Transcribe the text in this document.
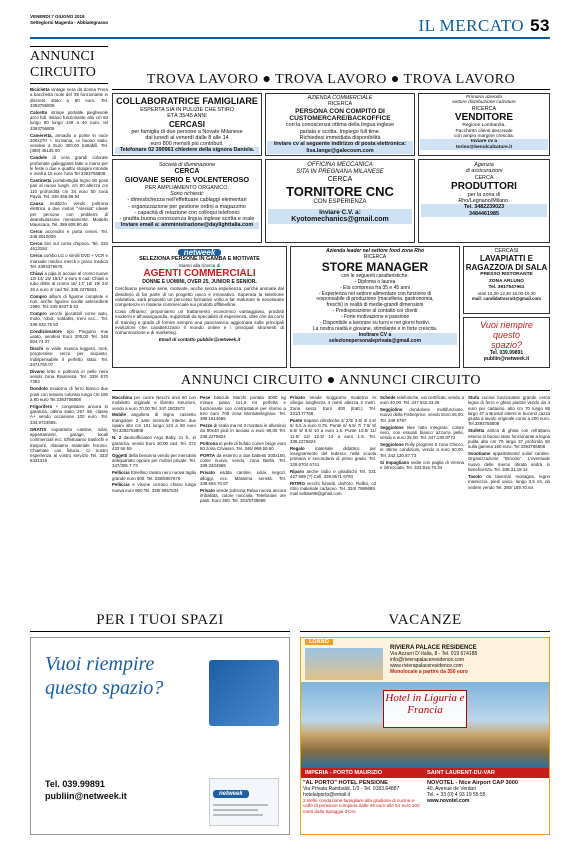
VENERDÌ 7 GIUGNO 2019
Settegiorni Magenta - Abbiategrasso	IL MERCATO 53
ANNUNCI
CIRCUITO

Bicicletta vintage nera da donna Frera a bacchetta ruote del '39 funzionante in discreto stato a 80 euro. Tel. 3393756808

Calcetto stringe portatile pieghevole arco hdl. milano funzionante alto cm 83 lungo 80 lungo 148 a 40 euro. tel 3393756808

Cameretta, armadio a ponte in noce 306x270 + scrivania, ui buono stato, vendesi a Euro 300,00 trattabili. Tel. (388) 45135 00

Candele di cera grandi colorate profumate galleggianti fatte a mano per le feste o due e quattro stoppini rotonde e ovali a 15 euro l'una Tel 3393756808

Cantinetta portabottiglia legno 80 posti pari al nuovo lungh. cm 80 altezza cm 110 profondità cm 34 euro 50 zona Pavia. Tel. 349 455.86.94

Causa inutilizzo vendo poltrona elettrica a due motori "Alessia" ideale per persone con problemi di deambulazione mentamente. Modello Mauscara. Tel. 389 608.80.46

Cerco accendini e porta ceneri. Tel. 348 6910029

Cerco bici sul corsa d'epoca. Tel. 333 4613184

Cerco combo LG o similii DVD + VCR e manuale medico merck e praco medica Tel. 3394376676

Chiavi a pipa in acciaio al cromo nuove 12/ 14/ 15/ 16/17 a euro 6 cad. Chiavi a tubo dritte al cromo 16/ 17/ 18/ 19/ 24/ 26 a euro 4/ cad Tel. 338 2275824.

Compro album di figurine complete e non, anche figurine sciolte antecedenti 1980. Tel. 339 8337.5 53

Compro vecchi giocattoli come auto, moto, robot, soldatini, treni ecc... Tel. 339 833.75 53

Condizionatore tipo Pinguino mai usato, vendesi Euro 200,00 Tel. 348 804 74 37

Dischi in vinile musica leggera, rock, progressive cerco per acquisto. Indispensabile il perfetto stato. Tel. 3471750.07

Divano letto e poltrona in pelle nera vendo zona Rivarossa. Tel. 339/ 570 7394

Dondolo moderno di ferro bianco due posti con tessuto colorato lungo cm 180 a 80 euro Tel.3393756808

Frigorifero + congelatore ancora in garanzia, ottimo stato, 257 litri, classe A+ vendo occasione 100 euro. Tel. 334.9724665.

GRATIS soprattutto cantine, solai, appartamenti, garage, locali commerciali ecc. Effettuiamo traslochi e trasporti, rilasiamo materiale ferroso. Chiamate con fiducia. Ci nostro esperienza al vostro servizio Tel. 333/ 8431316

TROVA LAVORO ● TROVA LAVORO ● TROVA LAVORO
COLLABORATRICE FAMIGLIARE
ESPERTA SIA IN PULIZIE CHE STIRO
ETÀ 35/45 ANNI
CERCASI
per famiglia di due persone a Novate Milanese
dal lunedì al venerdì dalle 8 alle 14
euro 800 mensili più contributi.
Telefonare 02 390961 chiedere della signora Daniela.
AZIENDA COMMERCIALE
RICERCA
PERSONA CON COMPITO DI CUSTOMERCARE/BACKOFFICE
con la conoscenza ottima della lingua inglese
parlata e scritta. Impiego full time.
Richiedesi immediata disponibilità
Inviare cv al seguente indirizzo di posta elettronica:
lisa.lange@galecosm.com
Primaria azienda
settore distribuzione calzature
RICERCA
VENDITORE
Regione Lombardia.
Pacchetto clienti descreale
con ampio margine crescita.
Inviare cv a
torino@benulcalzature.it
Società di illuminazione
CERCA
GIOVANE SERIO E VOLENTEROSO
PER AMPLIAMENTO ORGANICO.
Sono richiesti:
- dimestichezza nell'effettuare cablaggi elementari
- organizzazione per gestione ordini a magazzino
- capacità di relazione con colloqui telefonici
- gradita buona conoscenza lingua inglese scritta e orale
Inviare email a: amministrazione@daylighttalia.com
OFFICINA MECCANICA
SITA IN PREGNANA MILANESE
CERCA
TORNITORE CNC
CON ESPERIENZA
Inviare C.V. a:
Kyotomechanics@gmail.com
Agenzia
di assicurazioni
CERCA
PRODUTTORI
per la zona di
Rho/Legnano/Milano.
Tel. 3482239023
3484461985
netweek
SELEZIONA PERSONE IN GAMBA E MOTIVATE
Siamo alla ricerca di
AGENTI COMMERCIALI
DONNE E UOMINI, OVER 25, JUNIOR E SENIOR.
Cerchiamo persone serie, motivate, anche senza esperienza, purché animate dal desiderio di far parte di un progetto unico e innovativo. Superata la selezione valutativa, sarà proposto un percorso formativo volto a far maturare le necessarie competenze in materia commerciale sui prodotti offlline/line.
Cosa offriamo: proponiamo un trattamento economico vantaggioso, prodotti moderni e all'avanguardia, supportati da specialisti di esperienza, oltre che da corsi di training e grado di fornire sempre una panoramica aggiornata sulle principali evoluzioni che caratterizzano il mondo online e i principali strumenti di comunicazione e di marketing.
Email di contatto pubblin@netweek.it
Azienda leader nel settore food zona Rho
RICERCA
STORE MANAGER
con le seguenti caratteristiche:
- Diploma o laurea
- Età compresa fra 35 e 45 anni
- Esperienza nel settore alimentare con funzione di
responsabile di produzione (macelleria, gastronomia,
freschi) in realtà di medie-grandi dimensioni
- Predisposizione al contatto coi clienti
- Forte motivazione e passione
- Disponibile a lavorare su turni e nei giorni festivi.
La nostra realtà è giovane, stimolante e in forte crescita.
Inoltrare CV a
selezionepersonaleprivata@gmail.com
CERCASI
LAVAPIATTI E RAGAZZO/A DI SALA
PRESSO RISTORANTE
ZONA ARLUNO
Tel. 3917547961
orari 10,30-12,30 18,00-19,30
mail: candidatrecruit@gmail.com
Vuoi riempire
questo
spazio?
Tel. 039.99891
publiin@netweek.it
ANNUNCI CIRCUITO ● ANNUNCI CIRCUITO

Macchina per cucire Necchi anni 60 con mobiletto originale e libretto istruzioni, vendo a euro 70,00 Tel. 347.1503573

Mobile angoliera di legno cassetto triangolare 2 ante mensole interne due ripiani alto cm 101 lungo 124 a 60 euro Tel.3393756808

N. 2 daumofficiatori Argo Baby, 11 lt., in garanzia, vendo Euro 30,00 cad. Tel. 372 433 66 59

Oggetti della benonna vendo per mercatini antiquariato oppure per mobici private. Tel. 347/305.7 73

Pelliccia Emellino rasato nero nuova taglia grande euro 600. Tel. 338/5957676

Pelliccia e visone cerrano chiaro lunga nuova euro 800 Tel. 338/ 5957634

Pese bascule Marchi portata 3000 kg misure piana 1x1,5 mt perfetta e funzionante con contrastatori per ritorno a treo euro 700 zona Monsatelegnaio. Tel. 388 1614655

Pezzo di scala ma mt 3 montasi in alluminio da 90x40 piuli in acciaio a euro 90,00 Tel. 338.2275824

Poltrona in pelle di bufalo colore beige euro 50 zona Crivasso. Tel. 346/ 969.59.60

PORTA da esterno a due battenti 200x150, come nuova, vendo, zona Biella. Tel. 339.3434969

Privato esdda cantine, solai, negozi, alloggi, ecc. Massima serietà. Tel. 338.694.70.67

Privato vende poltrona Relax nuova ancora imballata, colore nocciola. Telefonare ore pasti. Euro 450. Tel. 331/5738688

Privato Vende Soggiorno moderno in ciliegio lunghezza 4 metri altezza 2 metri. Zona sesto. Euro 400 (tratt.). Tel. 331/177769

Punte trapano cilindriche 2/ 2/3/ 3.5/ 4/ 4.5/ 5/ 5.5 a euro 0.75. Punte 6/ 6.5/ 7/ 7.5/ 8/ 8.5/ 9/ 9.5/ 10 a euro 1,5. Punte 10.5/ 11/ 11.5/ 12/ 12.5/ 13 a euro 1.5. Tel. 338.2275824

Regalo materiale didattico per insegnamento del tedesco nella scuola primaria e secondaria di primo grado. Tel. 329.6704 6741

Riparo anche radio e giradischi Tel. 031 427 669 (?) Cell. 339.9571 6793

RITIRO vecchi fumetti, dvd'oro, Rollini, cd ritiro materiale cartaceo. Tel. 334/ 7889689. mail seltate99@gmail.com

Schede telefoniche, usi certificati, vendo a euro 40,00. Tel. 347 542.33.26

Seggiolino dondolone multifunzione, nuovo della Fisherprice, vendo Euro 45,00. Tel. 349 5797

Seggiolone Bee tutto integrato, colore nero, con essuali bianco azzurro pelle, vendo a euro 25,00. Tel. 347.130.8773

Seggiolone Rolly progress 5 zona Chicco, in ottime condizioni, vendo a euro 60,00. Tel. 342.130.87.73

Si Impagliano sedie con paglia di Vienna e intrecciata. Tel. 333.916.70.34

Stufa cucina funzionante grande cerca legna di ferro e ghisa piastra vendo da 4 euro per cadauno. alto cm 70 lungo 98 largo 47 a Brustol interni in bucono cazza giusta a tavolo originale conto a 200 euro. Tel.3393756808

Stufetta antica di ghisa con refrattario interno in buono stato funzionante a legna pulita alta cm 75 larga 37 profonda 50 sulla gamma 190 euro. Tel 3393756808

Svuotiamo appartamenti/ solai/ cantine. Organizzazione "Brocolo". L'eventuale nuovo delle merce ritirata andrà in beneficenza. Tel. 339.31.19 14

Tavolo da taverna/ moriagna, legno massiccio, piedi unico, lungo 3,5 mt, da vedere vendo Tel. 380/ 189.70.64

PER I TUOI SPAZI	VACANZE
Vuoi riempire
questo spazio?
Tel. 039.99891
publiin@netweek.it	netweek
LOANO
RIVIERA PALACE RESIDENCE
Via Azzurri D' Italia, 8 - Tel. 019 674188
info@rivierapalaceresidence.com
www.rivierapalaceresidence.com
Monolocale a partire da 350 euro
Hotel in Liguria e Francia
IMPERIA - PORTO MAURIZIO	SAINT LAURENT-DU-VAR
"AL PORTO" HOTEL PENSIONE
Via Privata Rambaldi, 1/3 - Tel. 0183.64887
hotelalporto@email.it
2 stelle conduzione famigliare alla gradiosa di cucina e caffè di pensione completa dalle 45 euro alle 54 euro 100 metri dalla Spiaggia d'Oro
NOVOTEL - Nice Airport CAP 3000
40, Avenue de Verdun
Tel. + 33 (0) 4 93 19 55 55
www.novotel.com
